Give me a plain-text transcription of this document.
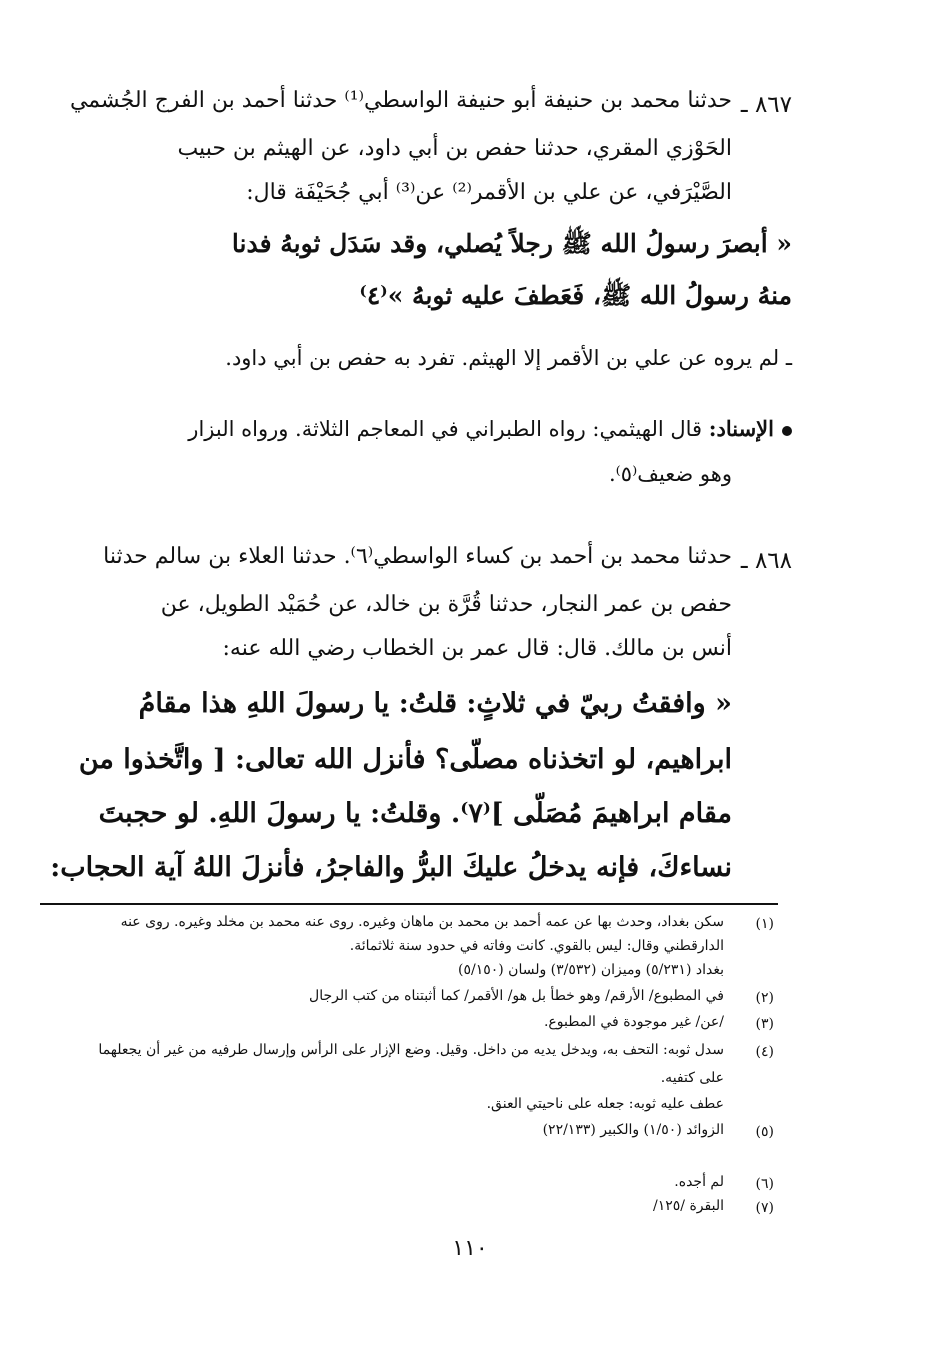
٨٦٧ ـ
حدثنا محمد بن حنيفة أبو حنيفة الواسطي⁽¹⁾ حدثنا أحمد بن الفرج الجُشمي
الحَوْزي المقري، حدثنا حفص بن أبي داود، عن الهيثم بن حبيب
الصَّيْرَفي، عن علي بن الأقمر⁽²⁾ عن⁽³⁾ أبي جُحَيْفَة قال:
« أبصرَ رسولُ الله ﷺ رجلاً يُصلي، وقد سَدَل ثوبهُ فدنا
منهُ رسولُ الله ﷺ، فَعَطفَ عليه ثوبهُ »⁽٤⁾
ـ لم يروه عن علي بن الأقمر إلا الهيثم. تفرد به حفص بن أبي داود.
الإسناد: قال الهيثمي: رواه الطبراني في المعاجم الثلاثة. ورواه البزار
وهو ضعيف⁽٥⁾.
٨٦٨ ـ
حدثنا محمد بن أحمد بن كساء الواسطي⁽٦⁾. حدثنا العلاء بن سالم حدثنا
حفص بن عمر النجار، حدثنا قُرَّة بن خالد، عن حُمَيْد الطويل، عن
أنس بن مالك. قال: قال عمر بن الخطاب رضي الله عنه:
« وافقتُ ربيّ في ثلاثٍ: قلتُ: يا رسولَ اللهِ هذا مقامُ
ابراهيم، لو اتخذناه مصلّى؟ فأنزل الله تعالى: [ واتَّخذوا من
مقام ابراهيمَ مُصَلّى ]⁽٧⁾. وقلتُ: يا رسولَ اللهِ. لو حجبتَ
نساءكَ، فإنه يدخلُ عليكَ البرُّ والفاجرُ، فأنزلَ اللهُ آية الحجاب:
(١)
سكن بغداد، وحدث بها عن عمه أحمد بن محمد بن ماهان وغيره. روى عنه محمد بن مخلد وغيره. روى عنه
الدارقطني وقال: ليس بالقوي. كانت وفاته في حدود سنة ثلاثمائة.
بغداد (٥/٢٣١) وميزان (٣/٥٣٢) ولسان (٥/١٥٠)
(٢)
في المطبوع/ الأرقم/ وهو خطأ بل هو/ الأقمر/ كما أثبتناه من كتب الرجال
(٣)
/عن/ غير موجودة في المطبوع.
(٤)
سدل ثوبه: التحف به، ويدخل يديه من داخل. وقيل. وضع الإزار على الرأس وإرسال طرفيه من غير أن يجعلهما
على كتفيه.
عطف عليه ثوبه: جعله على ناحيتي العنق.
(٥)
الزوائد (١/٥٠) والكبير (٢٢/١٣٣)
(٦)
لم أجده.
(٧)
البقرة /١٢٥/
١١٠
